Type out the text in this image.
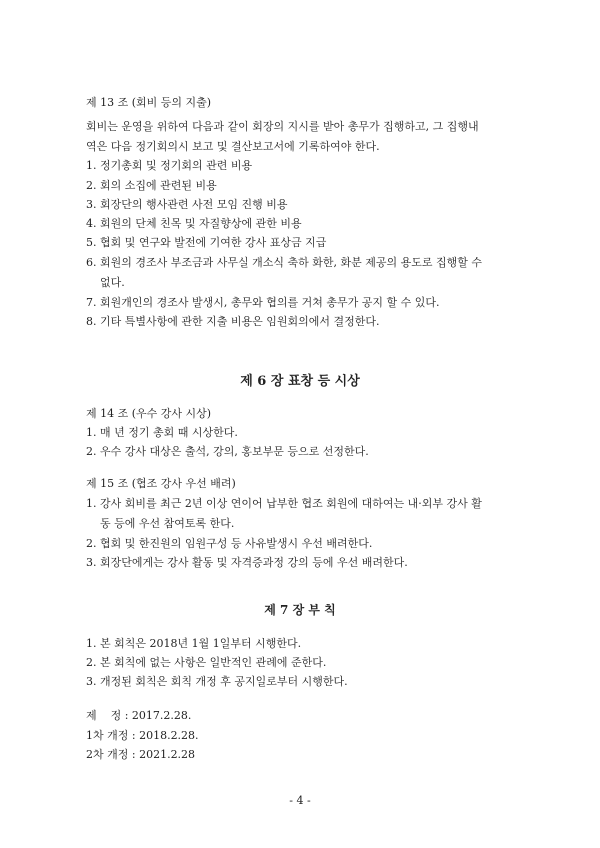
제 13 조 (회비 등의 지출)
회비는 운영을 위하여 다음과 같이 회장의 지시를 받아 총무가 집행하고, 그 집행내
역은 다음 정기회의시 보고 및 결산보고서에 기록하여야 한다.
1. 정기총회 및 정기회의 관련 비용
2. 회의 소집에 관련된 비용
3. 회장단의 행사관련 사전 모임 진행 비용
4. 회원의 단체 친목 및 자질향상에 관한 비용
5. 협회 및 연구와 발전에 기여한 강사 표상금 지급
6. 회원의 경조사 부조금과 사무실 개소식 축하 화한, 화분 제공의 용도로 집행할 수
없다.
7. 회원개인의 경조사 발생시, 총무와 협의를 거쳐 총무가 공지 할 수 있다.
8. 기타 특별사항에 관한 지출 비용은 임원회의에서 결정한다.
제 6 장 표창 등 시상
제 14 조 (우수 강사 시상)
1. 매 년 정기 총회 때 시상한다.
2. 우수 강사 대상은 출석, 강의, 홍보부문 등으로 선정한다.
제 15 조 (협조 강사 우선 배려)
1. 강사 회비를 최근 2년 이상 연이어 납부한 협조 회원에 대하여는 내·외부 강사 활
동 등에 우선 참여토록 한다.
2. 협회 및 한진원의 임원구성 등 사유발생시 우선 배려한다.
3. 회장단에게는 강사 활동 및 자격증과정 강의 등에 우선 배려한다.
제 7 장 부 칙
1. 본 회칙은 2018년 1월 1일부터 시행한다.
2. 본 회칙에 없는 사항은 일반적인 관례에 준한다.
3. 개정된 회칙은 회칙 개정 후 공지일로부터 시행한다.
제    정 : 2017.2.28.
1차 개정 : 2018.2.28.
2차 개정 : 2021.2.28
- 4 -
